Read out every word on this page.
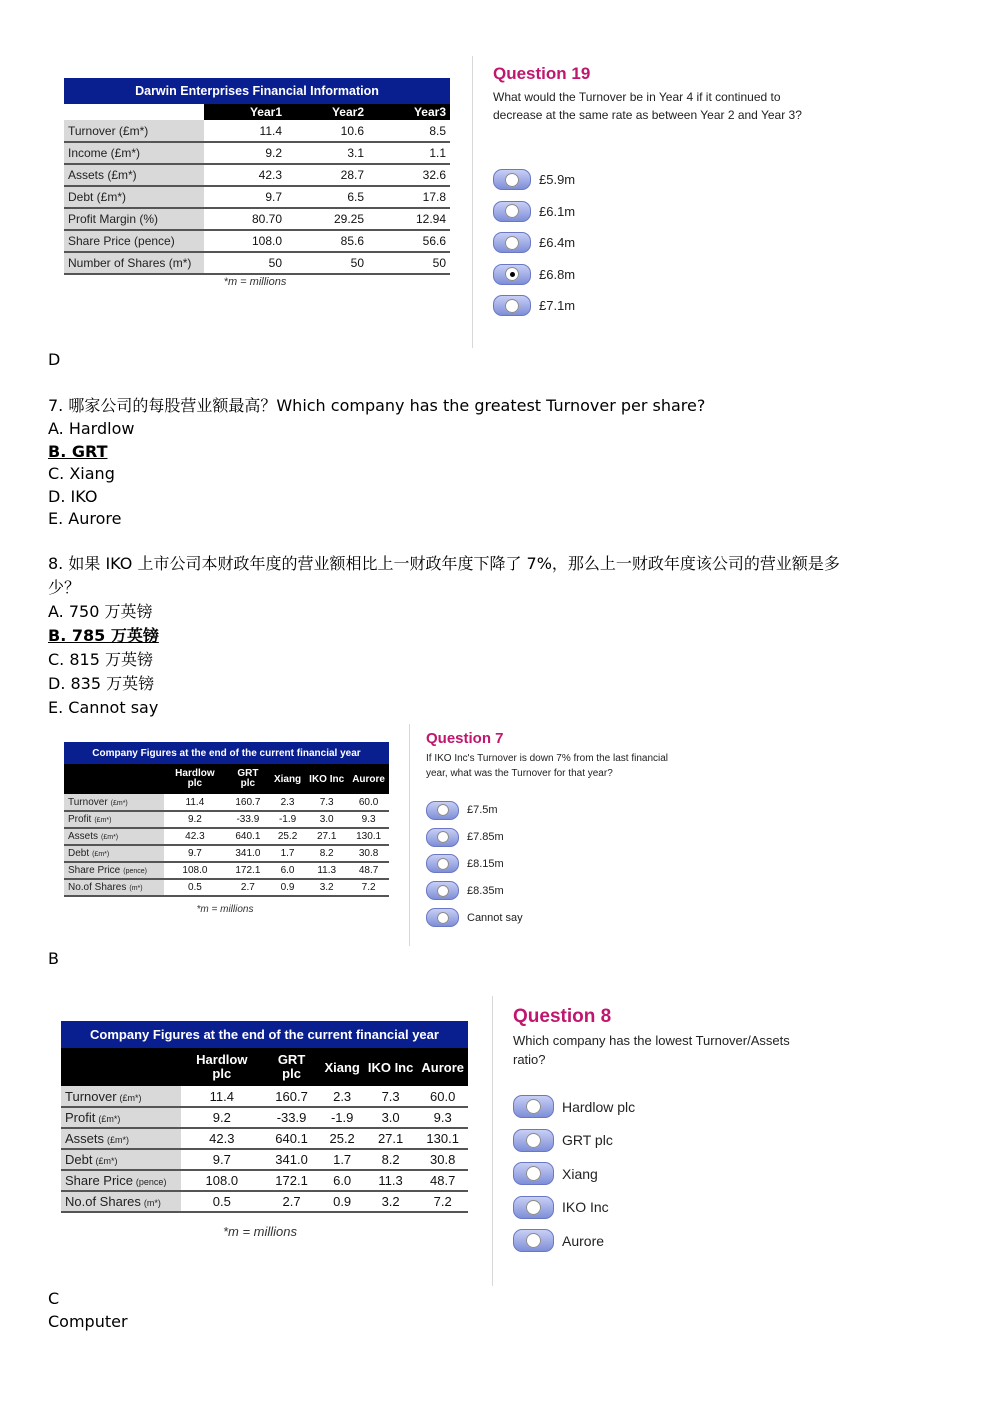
Darwin Enterprises Financial Information			
	Year1	Year2	Year3
Turnover (£m*)	11.4	10.6	8.5
Income (£m*)	9.2	3.1	1.1
Assets (£m*)	42.3	28.7	32.6
Debt (£m*)	9.7	6.5	17.8
Profit Margin (%)	80.70	29.25	12.94
Share Price (pence)	108.0	85.6	56.6
Number of Shares (m*)	50	50	50
*m = millions
Question 19
What would the Turnover be in Year 4 if it continued to decrease at the same rate as between Year 2 and Year 3?
£5.9m
£6.1m
£6.4m
£6.8m
£7.1m
D
7. 哪家公司的每股营业额最高？Which company has the greatest Turnover per share?
A. Hardlow
B. GRT
C. Xiang
D. IKO
E. Aurore
8. 如果 IKO 上市公司本财政年度的营业额相比上一财政年度下降了 7%，那么上一财政年度该公司的营业额是多
少？
A. 750 万英镑
B. 785 万英镑
C. 815 万英镑
D. 835 万英镑
E. Cannot say
Company Figures at the end of the current financial year					
	Hardlow plc	GRT plc	Xiang	IKO Inc	Aurore
Turnover (£m*)	11.4	160.7	2.3	7.3	60.0
Profit (£m*)	9.2	-33.9	-1.9	3.0	9.3
Assets (£m*)	42.3	640.1	25.2	27.1	130.1
Debt (£m*)	9.7	341.0	1.7	8.2	30.8
Share Price (pence)	108.0	172.1	6.0	11.3	48.7
No.of Shares (m*)	0.5	2.7	0.9	3.2	7.2
*m = millions
Question 7
If IKO Inc's Turnover is down 7% from the last financial year, what was the Turnover for that year?
£7.5m
£7.85m
£8.15m
£8.35m
Cannot say
B
Company Figures at the end of the current financial year					
	Hardlow plc	GRT plc	Xiang	IKO Inc	Aurore
Turnover (£m*)	11.4	160.7	2.3	7.3	60.0
Profit (£m*)	9.2	-33.9	-1.9	3.0	9.3
Assets (£m*)	42.3	640.1	25.2	27.1	130.1
Debt (£m*)	9.7	341.0	1.7	8.2	30.8
Share Price (pence)	108.0	172.1	6.0	11.3	48.7
No.of Shares (m*)	0.5	2.7	0.9	3.2	7.2
*m = millions
Question 8
Which company has the lowest Turnover/Assets ratio?
Hardlow plc
GRT plc
Xiang
IKO Inc
Aurore
C
Computer
